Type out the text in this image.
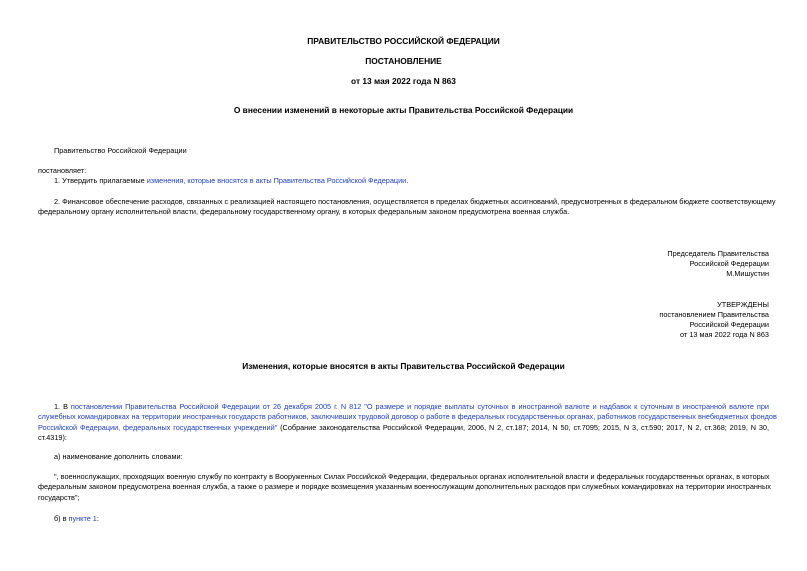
ПРАВИТЕЛЬСТВО РОССИЙСКОЙ ФЕДЕРАЦИИ
ПОСТАНОВЛЕНИЕ
от 13 мая 2022 года N 863
О внесении изменений в некоторые акты Правительства Российской Федерации
Правительство Российской Федерации
постановляет:
1. Утвердить прилагаемые изменения, которые вносятся в акты Правительства Российской Федерации.
2. Финансовое обеспечение расходов, связанных с реализацией настоящего постановления, осуществляется в пределах бюджетных ассигнований, предусмотренных в федеральном бюджете соответствующему
федеральному органу исполнительной власти, федеральному государственному органу, в которых федеральным законом предусмотрена военная служба.
Председатель Правительства
Российской Федерации
М.Мишустин
УТВЕРЖДЕНЫ
постановлением Правительства
Российской Федерации
от 13 мая 2022 года N 863
Изменения, которые вносятся в акты Правительства Российской Федерации
1. В постановлении Правительства Российской Федерации от 26 декабря 2005 г. N 812 "О размере и порядке выплаты суточных в иностранной валюте и надбавок к суточным в иностранной валюте при
служебных командировках на территории иностранных государств работников, заключивших трудовой договор о работе в федеральных государственных органах, работников государственных внебюджетных фондов
Российской Федерации, федеральных государственных учреждений" (Собрание законодательства Российской Федерации, 2006, N 2, ст.187; 2014, N 50, ст.7095; 2015, N 3, ст.590; 2017, N 2, ст.368; 2019, N 30,
ст.4319):
а) наименование дополнить словами:
", военнослужащих, проходящих военную службу по контракту в Вооруженных Силах Российской Федерации, федеральных органах исполнительной власти и федеральных государственных органах, в которых
федеральным законом предусмотрена военная служба, а также о размере и порядке возмещения указанным военнослужащим дополнительных расходов при служебных командировках на территории иностранных
государств";
б) в пункте 1:
